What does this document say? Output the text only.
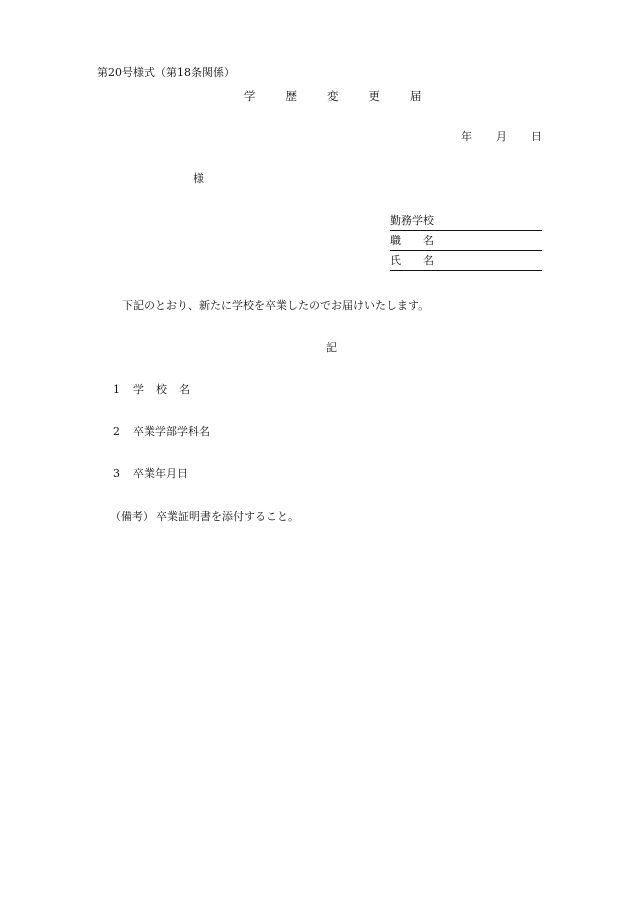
第20号様式（第18条関係）
学歴変更届
年 月 日
様
勤務学校
職名
氏名
下記のとおり、新たに学校を卒業したのでお届けいたします。
記
1 学校名
2 卒業学部学科名
3 卒業年月日
（備考） 卒業証明書を添付すること。
